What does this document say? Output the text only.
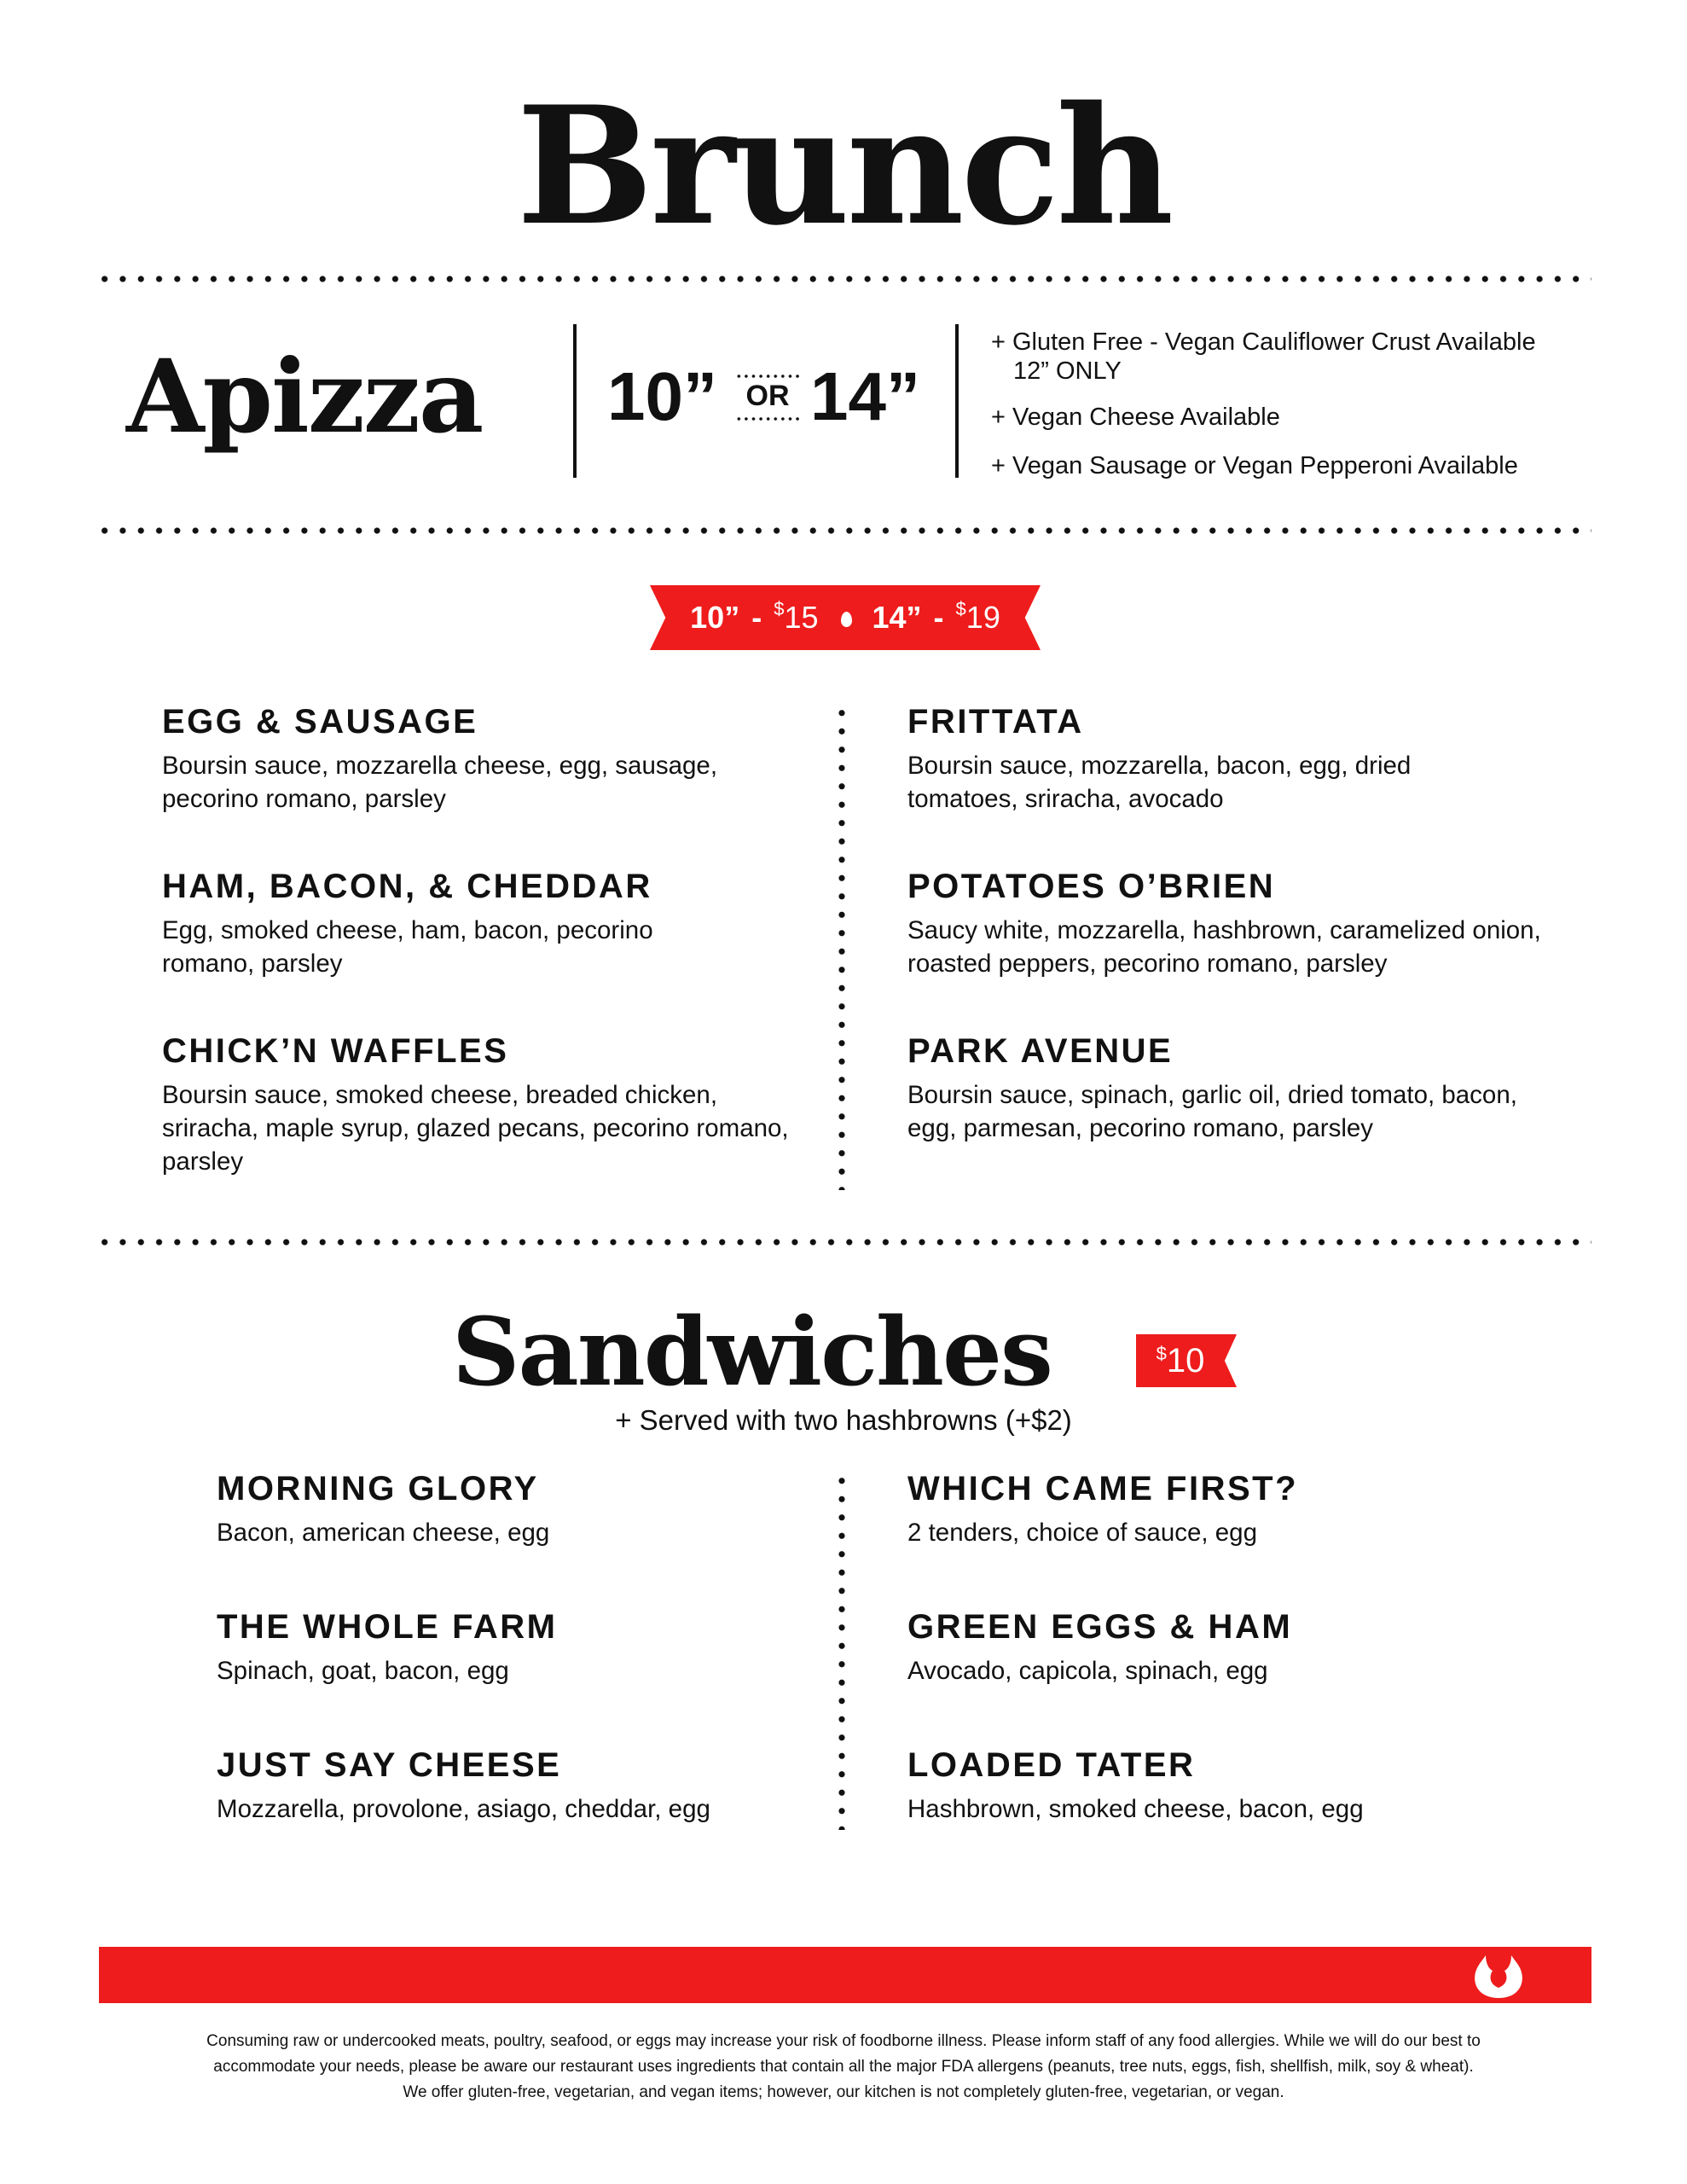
Brunch
Apizza 10” OR 14”
+ Gluten Free - Vegan Cauliflower Crust Available
12” ONLY
+ Vegan Cheese Available
+ Vegan Sausage or Vegan Pepperoni Available
10” - $ 15 14” - $ 19
EGG & SAUSAGE
Boursin sauce, mozzarella cheese, egg, sausage, pecorino romano, parsley
HAM, BACON, & CHEDDAR
Egg, smoked cheese, ham, bacon, pecorino romano, parsley
CHICK’N WAFFLES
Boursin sauce, smoked cheese, breaded chicken, sriracha, maple syrup, glazed pecans, pecorino romano, parsley
FRITTATA
Boursin sauce, mozzarella, bacon, egg, dried tomatoes, sriracha, avocado
POTATOES O’BRIEN
Saucy white, mozzarella, hashbrown, caramelized onion, roasted peppers, pecorino romano, parsley
PARK AVENUE
Boursin sauce, spinach, garlic oil, dried tomato, bacon, egg, parmesan, pecorino romano, parsley
Sandwiches	$ 10
+ Served with two hashbrowns (+$2)
MORNING GLORY
Bacon, american cheese, egg
THE WHOLE FARM
Spinach, goat, bacon, egg
JUST SAY CHEESE
Mozzarella, provolone, asiago, cheddar, egg
WHICH CAME FIRST?
2 tenders, choice of sauce, egg
GREEN EGGS & HAM
Avocado, capicola, spinach, egg
LOADED TATER
Hashbrown, smoked cheese, bacon, egg
Consuming raw or undercooked meats, poultry, seafood, or eggs may increase your risk of foodborne illness. Please inform staff of any food allergies. While we will do our best to
accommodate your needs, please be aware our restaurant uses ingredients that contain all the major FDA allergens (peanuts, tree nuts, eggs, fish, shellfish, milk, soy & wheat).
We offer gluten-free, vegetarian, and vegan items; however, our kitchen is not completely gluten-free, vegetarian, or vegan.
